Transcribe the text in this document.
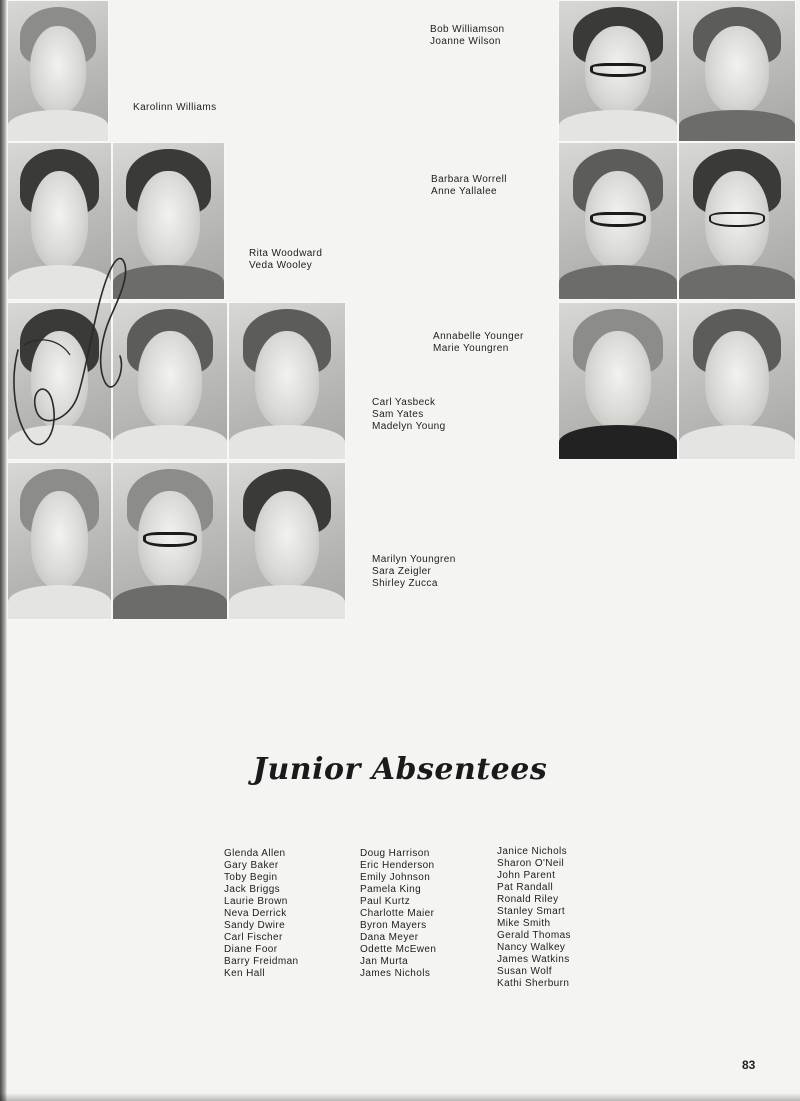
Karolinn Williams
Bob Williamson
Joanne Wilson
Rita Woodward
Veda Wooley
Barbara Worrell
Anne Yallalee
Annabelle Younger
Marie Youngren
Carl Yasbeck
Sam Yates
Madelyn Young
Marilyn Youngren
Sara Zeigler
Shirley Zucca
Junior Absentees
Glenda Allen
Gary Baker
Toby Begin
Jack Briggs
Laurie Brown
Neva Derrick
Sandy Dwire
Carl Fischer
Diane Foor
Barry Freidman
Ken Hall
Doug Harrison
Eric Henderson
Emily Johnson
Pamela King
Paul Kurtz
Charlotte Maier
Byron Mayers
Dana Meyer
Odette McEwen
Jan Murta
James Nichols
Janice Nichols
Sharon O'Neil
John Parent
Pat Randall
Ronald Riley
Stanley Smart
Mike Smith
Gerald Thomas
Nancy Walkey
James Watkins
Susan Wolf
Kathi Sherburn
83
